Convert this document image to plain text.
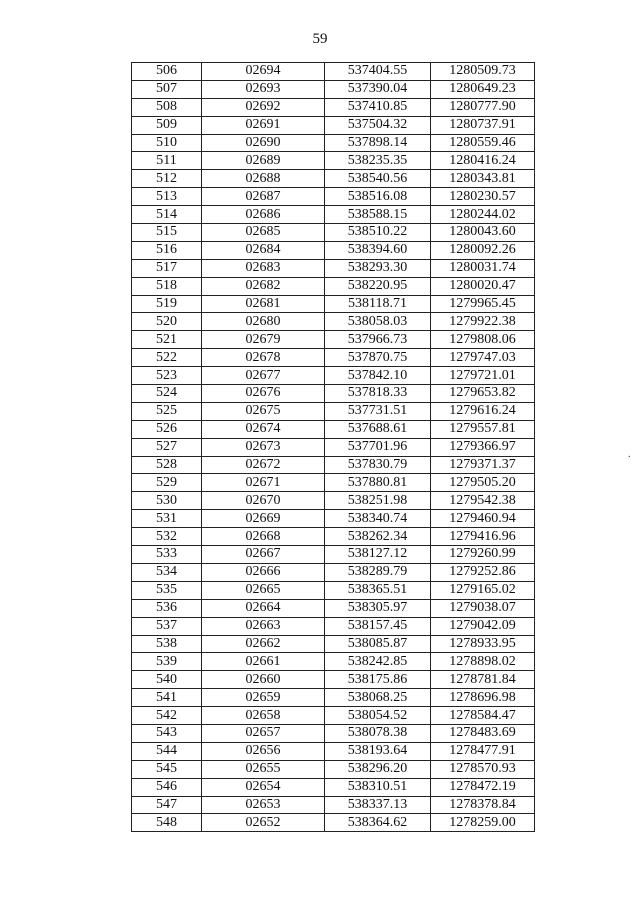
59
506	02694	537404.55	1280509.73
507	02693	537390.04	1280649.23
508	02692	537410.85	1280777.90
509	02691	537504.32	1280737.91
510	02690	537898.14	1280559.46
511	02689	538235.35	1280416.24
512	02688	538540.56	1280343.81
513	02687	538516.08	1280230.57
514	02686	538588.15	1280244.02
515	02685	538510.22	1280043.60
516	02684	538394.60	1280092.26
517	02683	538293.30	1280031.74
518	02682	538220.95	1280020.47
519	02681	538118.71	1279965.45
520	02680	538058.03	1279922.38
521	02679	537966.73	1279808.06
522	02678	537870.75	1279747.03
523	02677	537842.10	1279721.01
524	02676	537818.33	1279653.82
525	02675	537731.51	1279616.24
526	02674	537688.61	1279557.81
527	02673	537701.96	1279366.97
528	02672	537830.79	1279371.37
529	02671	537880.81	1279505.20
530	02670	538251.98	1279542.38
531	02669	538340.74	1279460.94
532	02668	538262.34	1279416.96
533	02667	538127.12	1279260.99
534	02666	538289.79	1279252.86
535	02665	538365.51	1279165.02
536	02664	538305.97	1279038.07
537	02663	538157.45	1279042.09
538	02662	538085.87	1278933.95
539	02661	538242.85	1278898.02
540	02660	538175.86	1278781.84
541	02659	538068.25	1278696.98
542	02658	538054.52	1278584.47
543	02657	538078.38	1278483.69
544	02656	538193.64	1278477.91
545	02655	538296.20	1278570.93
546	02654	538310.51	1278472.19
547	02653	538337.13	1278378.84
548	02652	538364.62	1278259.00
.
